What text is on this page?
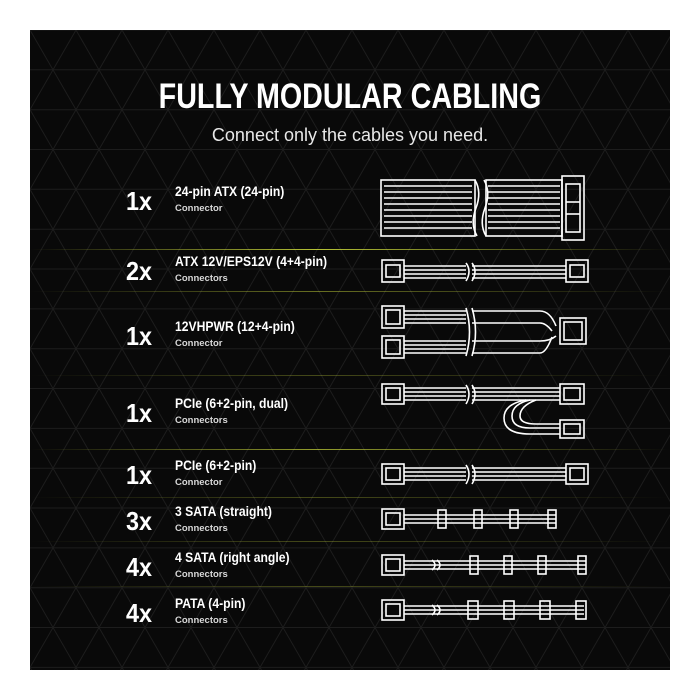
FULLY MODULAR CABLING
Connect only the cables you need.
1x 24-pin ATX (24-pin)
Connector
2x ATX 12V/EPS12V (4+4-pin)
Connectors
1x 12VHPWR (12+4-pin)
Connector
1x PCIe (6+2-pin, dual)
Connectors
1x PCIe (6+2-pin)
Connector
3x 3 SATA (straight)
Connectors
4x 4 SATA (right angle)
Connectors
4x PATA (4-pin)
Connectors
